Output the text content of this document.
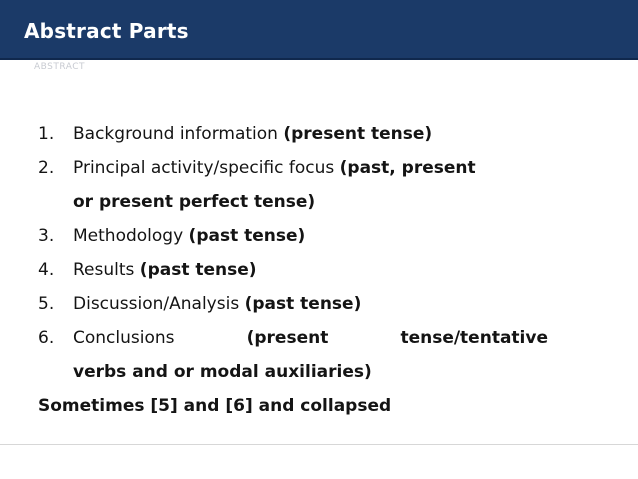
Abstract Parts
ABSTRACT
1. Background information (present tense)
2. Principal activity/specific focus (past, present
or present perfect tense)
3. Methodology (past tense)
4. Results (past tense)
5. Discussion/Analysis (past tense)
6. Conclusions	(present	tense/tentative
verbs and or modal auxiliaries)
Sometimes [5] and [6] and collapsed
